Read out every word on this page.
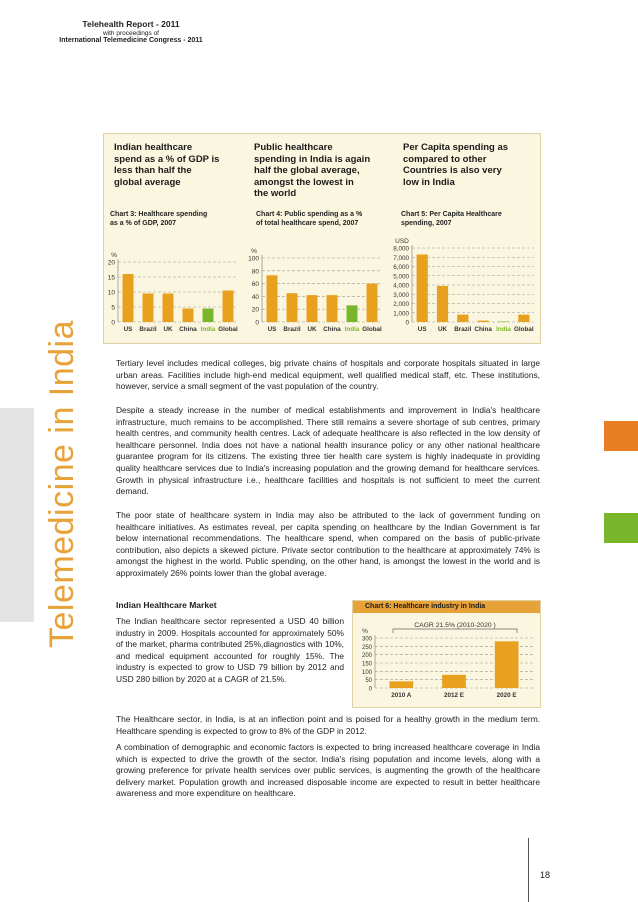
Telehealth Report - 2011
with proceedings of
International Telemedicine Congress - 2011
Telemedicine in India
Indian healthcare
spend as a % of GDP is
less than half the
global average
Chart 3: Healthcare spending
as a % of GDP, 2007
Public healthcare
spending in India is again
half the global average,
amongst the lowest in
the world
Chart 4: Public spending as a %
of total healthcare spend, 2007
Per Capita spending as
compared to other
Countries is also very
low in India
Chart 5: Per Capita Healthcare
spending, 2007
0
5
10
15
20
%
US Brazil UK China India Global
0
20
40
60
80
100
%
US Brazil UK China India Global
0
1,000
2,000
3,000
4,000
5,000
6,000
7,000
8,000
USD
US UK Brazil China India Global

Tertiary level includes medical colleges, big private chains of hospitals and corporate hospitals situated in large urban areas. Facilities include high-end medical equipment, well qualified medical staff, etc. These institutions, however, service a small segment of the vast population of the country.

Despite a steady increase in the number of medical establishments and improvement in India's healthcare infrastructure, much remains to be accomplished. There still remains a severe shortage of sub centres, primary health centres, and community health centres. Lack of adequate healthcare is also reflected in the low density of healthcare personnel. India does not have a national health insurance policy or any other national healthcare guarantee program for its citizens. The existing three tier health care system is highly inadequate in providing quality healthcare services due to India's increasing population and the growing demand for healthcare services. Growth in physical infrastructure i.e., healthcare facilities and hospitals is not sufficient to meet the current demand.

The poor state of healthcare system in India may also be attributed to the lack of government funding on healthcare initiatives. As estimates reveal, per capita spending on healthcare by the Indian Government is far below international recommendations. The healthcare spend, when compared on the basis of public-private contribution, also depicts a skewed picture. Private sector contribution to the healthcare at approximately 74% is amongst the highest in the world. Public spending, on the other hand, is amongst the lowest in the world and is approximately 26% points lower than the global average.

Indian Healthcare Market

The Indian healthcare sector represented a USD 40 billion industry in 2009. Hospitals accounted for approximately 50% of the market, pharma contributed 25%,diagnostics with 10%, and medical equipment accounted for roughly 15%. The industry is expected to grow to USD 79 billion by 2012 and USD 280 billion by 2020 at a CAGR of 21.5%.

Chart 6: Healthcare industry in India
0
50
100
150
200
250
300
%
2010 A	2012 E	2020 E
CAGR 21.5% (2010-2020 )

The Healthcare sector, in India, is at an inflection point and is poised for a healthy growth in the medium term. Healthcare spending is expected to grow to 8% of the GDP in 2012.

A combination of demographic and economic factors is expected to bring increased healthcare coverage in India which is expected to drive the growth of the sector. India's rising population and income levels, along with a growing preference for private health services over public services, is augmenting the growth of the healthcare delivery market. Population growth and increased disposable income are expected to result in better healthcare awareness and more expenditure on healthcare.

18
